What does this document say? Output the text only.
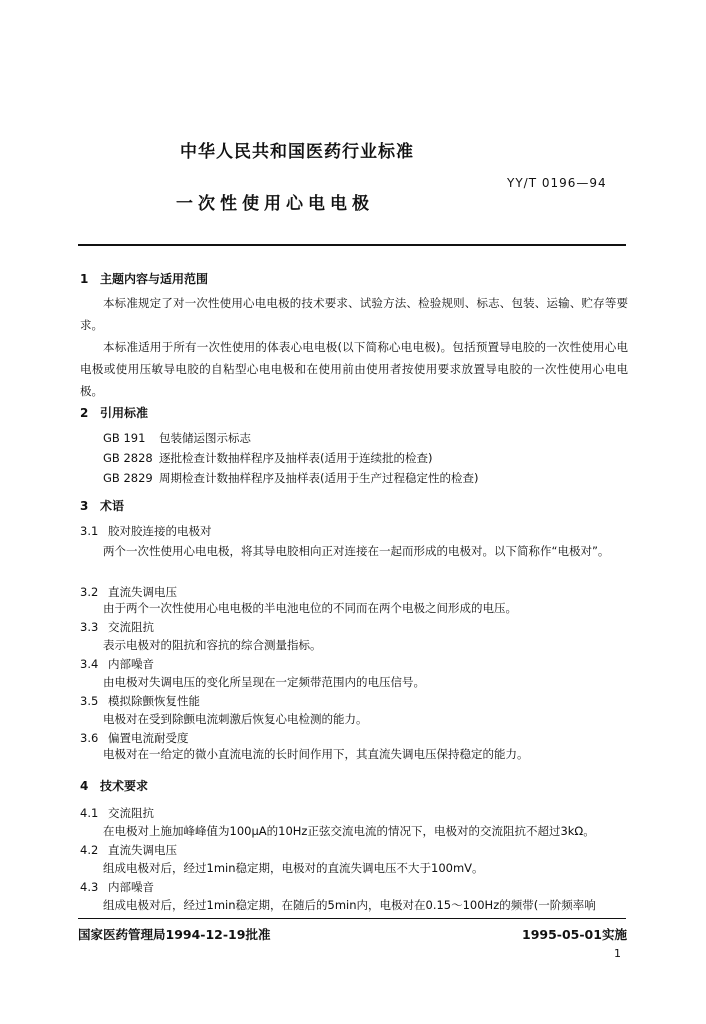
中华人民共和国医药行业标准
YY/T 0196—94
一次性使用心电电极
1 主题内容与适用范围
本标准规定了对一次性使用心电电极的技术要求、试验方法、检验规则、标志、包装、运输、贮存等要求。
本标准适用于所有一次性使用的体表心电电极(以下简称心电电极)。包括预置导电胶的一次性使用心电电极或使用压敏导电胶的自粘型心电电极和在使用前由使用者按使用要求放置导电胶的一次性使用心电电极。
2 引用标准
GB 191 包装储运图示标志
GB 2828 逐批检查计数抽样程序及抽样表(适用于连续批的检查)
GB 2829 周期检查计数抽样程序及抽样表(适用于生产过程稳定性的检查)
3 术语
3.1 胶对胶连接的电极对
两个一次性使用心电电极，将其导电胶相向正对连接在一起而形成的电极对。以下简称作“电极对”。
3.2 直流失调电压
由于两个一次性使用心电电极的半电池电位的不同而在两个电极之间形成的电压。
3.3 交流阻抗
表示电极对的阻抗和容抗的综合测量指标。
3.4 内部噪音
由电极对失调电压的变化所呈现在一定频带范围内的电压信号。
3.5 模拟除颤恢复性能
电极对在受到除颤电流刺激后恢复心电检测的能力。
3.6 偏置电流耐受度
电极对在一给定的微小直流电流的长时间作用下，其直流失调电压保持稳定的能力。
4 技术要求
4.1 交流阻抗
在电极对上施加峰峰值为100μA的10Hz正弦交流电流的情况下，电极对的交流阻抗不超过3kΩ。
4.2 直流失调电压
组成电极对后，经过1min稳定期，电极对的直流失调电压不大于100mV。
4.3 内部噪音
组成电极对后，经过1min稳定期，在随后的5min内，电极对在0.15～100Hz的频带(一阶频率响
国家医药管理局1994-12-19批准	1995-05-01实施
1
